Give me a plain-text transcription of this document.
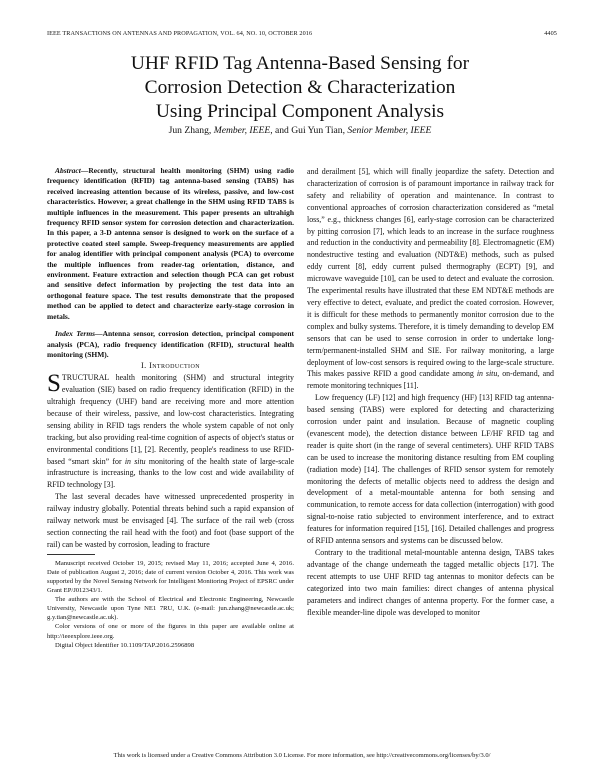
IEEE TRANSACTIONS ON ANTENNAS AND PROPAGATION, VOL. 64, NO. 10, OCTOBER 2016	4405
UHF RFID Tag Antenna-Based Sensing for
Corrosion Detection & Characterization
Using Principal Component Analysis
Jun Zhang, Member, IEEE, and Gui Yun Tian, Senior Member, IEEE

Abstract—Recently, structural health monitoring (SHM) using radio frequency identification (RFID) tag antenna-based sensing (TABS) has received increasing attention because of its wireless, passive, and low-cost characteristics. However, a great challenge in the SHM using RFID TABS is multiple influences in the measurement. This paper presents an ultrahigh frequency RFID sensor system for corrosion detection and characterization. In this paper, a 3-D antenna sensor is designed to work on the surface of a protective coated steel sample. Sweep-frequency measurements are applied for analog identifier with principal component analysis (PCA) to overcome the multiple influences from reader-tag orientation, distance, and environment. Feature extraction and selection though PCA can get robust and sensitive defect information by projecting the test data into an orthogonal feature space. The test results demonstrate that the proposed method can be applied to detect and characterize early-stage corrosion in metals.

Index Terms—Antenna sensor, corrosion detection, principal component analysis (PCA), radio frequency identification (RFID), structural health monitoring (SHM).

I. Introduction

STRUCTURAL health monitoring (SHM) and structural integrity evaluation (SIE) based on radio frequency identification (RFID) in the ultrahigh frequency (UHF) band are receiving more and more attention because of their wireless, passive, and low-cost characteristics. Integrating sensing ability in RFID tags renders the whole system capable of not only tracking, but also providing real-time cognition of aspects of object's status or environmental conditions [1], [2]. Recently, people's readiness to use RFID-based “smart skin” for in situ monitoring of the health state of large-scale infrastructure is increasing, thanks to the low cost and wide availability of RFID technology [3].

The last several decades have witnessed unprecedented prosperity in railway industry globally. Potential threats behind such a rapid expansion of railway network must be envisaged [4]. The surface of the rail web (cross section connecting the rail head with the foot) and foot (base support of the rail) can be wasted by corrosion, leading to fracture

Manuscript received October 19, 2015; revised May 11, 2016; accepted June 4, 2016. Date of publication August 2, 2016; date of current version October 4, 2016. This work was supported by the Novel Sensing Network for Intelligent Monitoring Project of EPSRC under Grant EP/J012343/1.

The authors are with the School of Electrical and Electronic Engineering, Newcastle University, Newcastle upon Tyne NE1 7RU, U.K. (e-mail: jun.zhang@newcastle.ac.uk; g.y.tian@newcastle.ac.uk).

Color versions of one or more of the figures in this paper are available online at http://ieeexplore.ieee.org.

Digital Object Identifier 10.1109/TAP.2016.2596898

and derailment [5], which will finally jeopardize the safety. Detection and characterization of corrosion is of paramount importance in railway track for safety and reliability of operation and maintenance. In contrast to conventional approaches of corrosion characterization considered as “metal loss,” e.g., thickness changes [6], early-stage corrosion can be characterized by pitting corrosion [7], which leads to an increase in the surface roughness and reduction in the conductivity and permeability [8]. Electromagnetic (EM) nondestructive testing and evaluation (NDT&E) methods, such as pulsed eddy current [8], eddy current pulsed thermography (ECPT) [9], and microwave waveguide [10], can be used to detect and evaluate the corrosion. The experimental results have illustrated that these EM NDT&E methods are very effective to detect, evaluate, and predict the coated corrosion. However, it is difficult for these methods to permanently monitor corrosion due to the complex and bulky systems. Therefore, it is timely demanding to develop EM sensors that can be used to sense corrosion in order to undertake long-term/permanent-installed SHM and SIE. For railway monitoring, a large deployment of low-cost sensors is required owing to the large-scale structure. This makes passive RFID a good candidate among in situ, on-demand, and remote monitoring techniques [11].

Low frequency (LF) [12] and high frequency (HF) [13] RFID tag antenna-based sensing (TABS) were explored for detecting and characterizing corrosion under paint and insulation. Because of magnetic coupling (evanescent mode), the detection distance between LF/HF RFID tag and reader is quite short (in the range of several centimeters). UHF RFID TABS can be used to increase the monitoring distance resulting from EM coupling (radiation mode) [14]. The challenges of RFID sensor system for remotely monitoring the defects of metallic objects need to address the design and development of a metal-mountable antenna for both sensing and communication, to remote access for data collection (interrogation) with good signal-to-noise ratio subjected to environment interference, and to extract features for information required [15], [16]. Detailed challenges and progress of RFID antenna sensors and systems can be discussed below.

Contrary to the traditional metal-mountable antenna design, TABS takes advantage of the change underneath the tagged metallic objects [17]. The recent attempts to use UHF RFID tag antennas to monitor defects can be categorized into two main families: direct changes of antenna physical parameters and indirect changes of antenna property. For the former case, a flexible meander-line dipole was developed to monitor

This work is licensed under a Creative Commons Attribution 3.0 License. For more information, see http://creativecommons.org/licenses/by/3.0/
